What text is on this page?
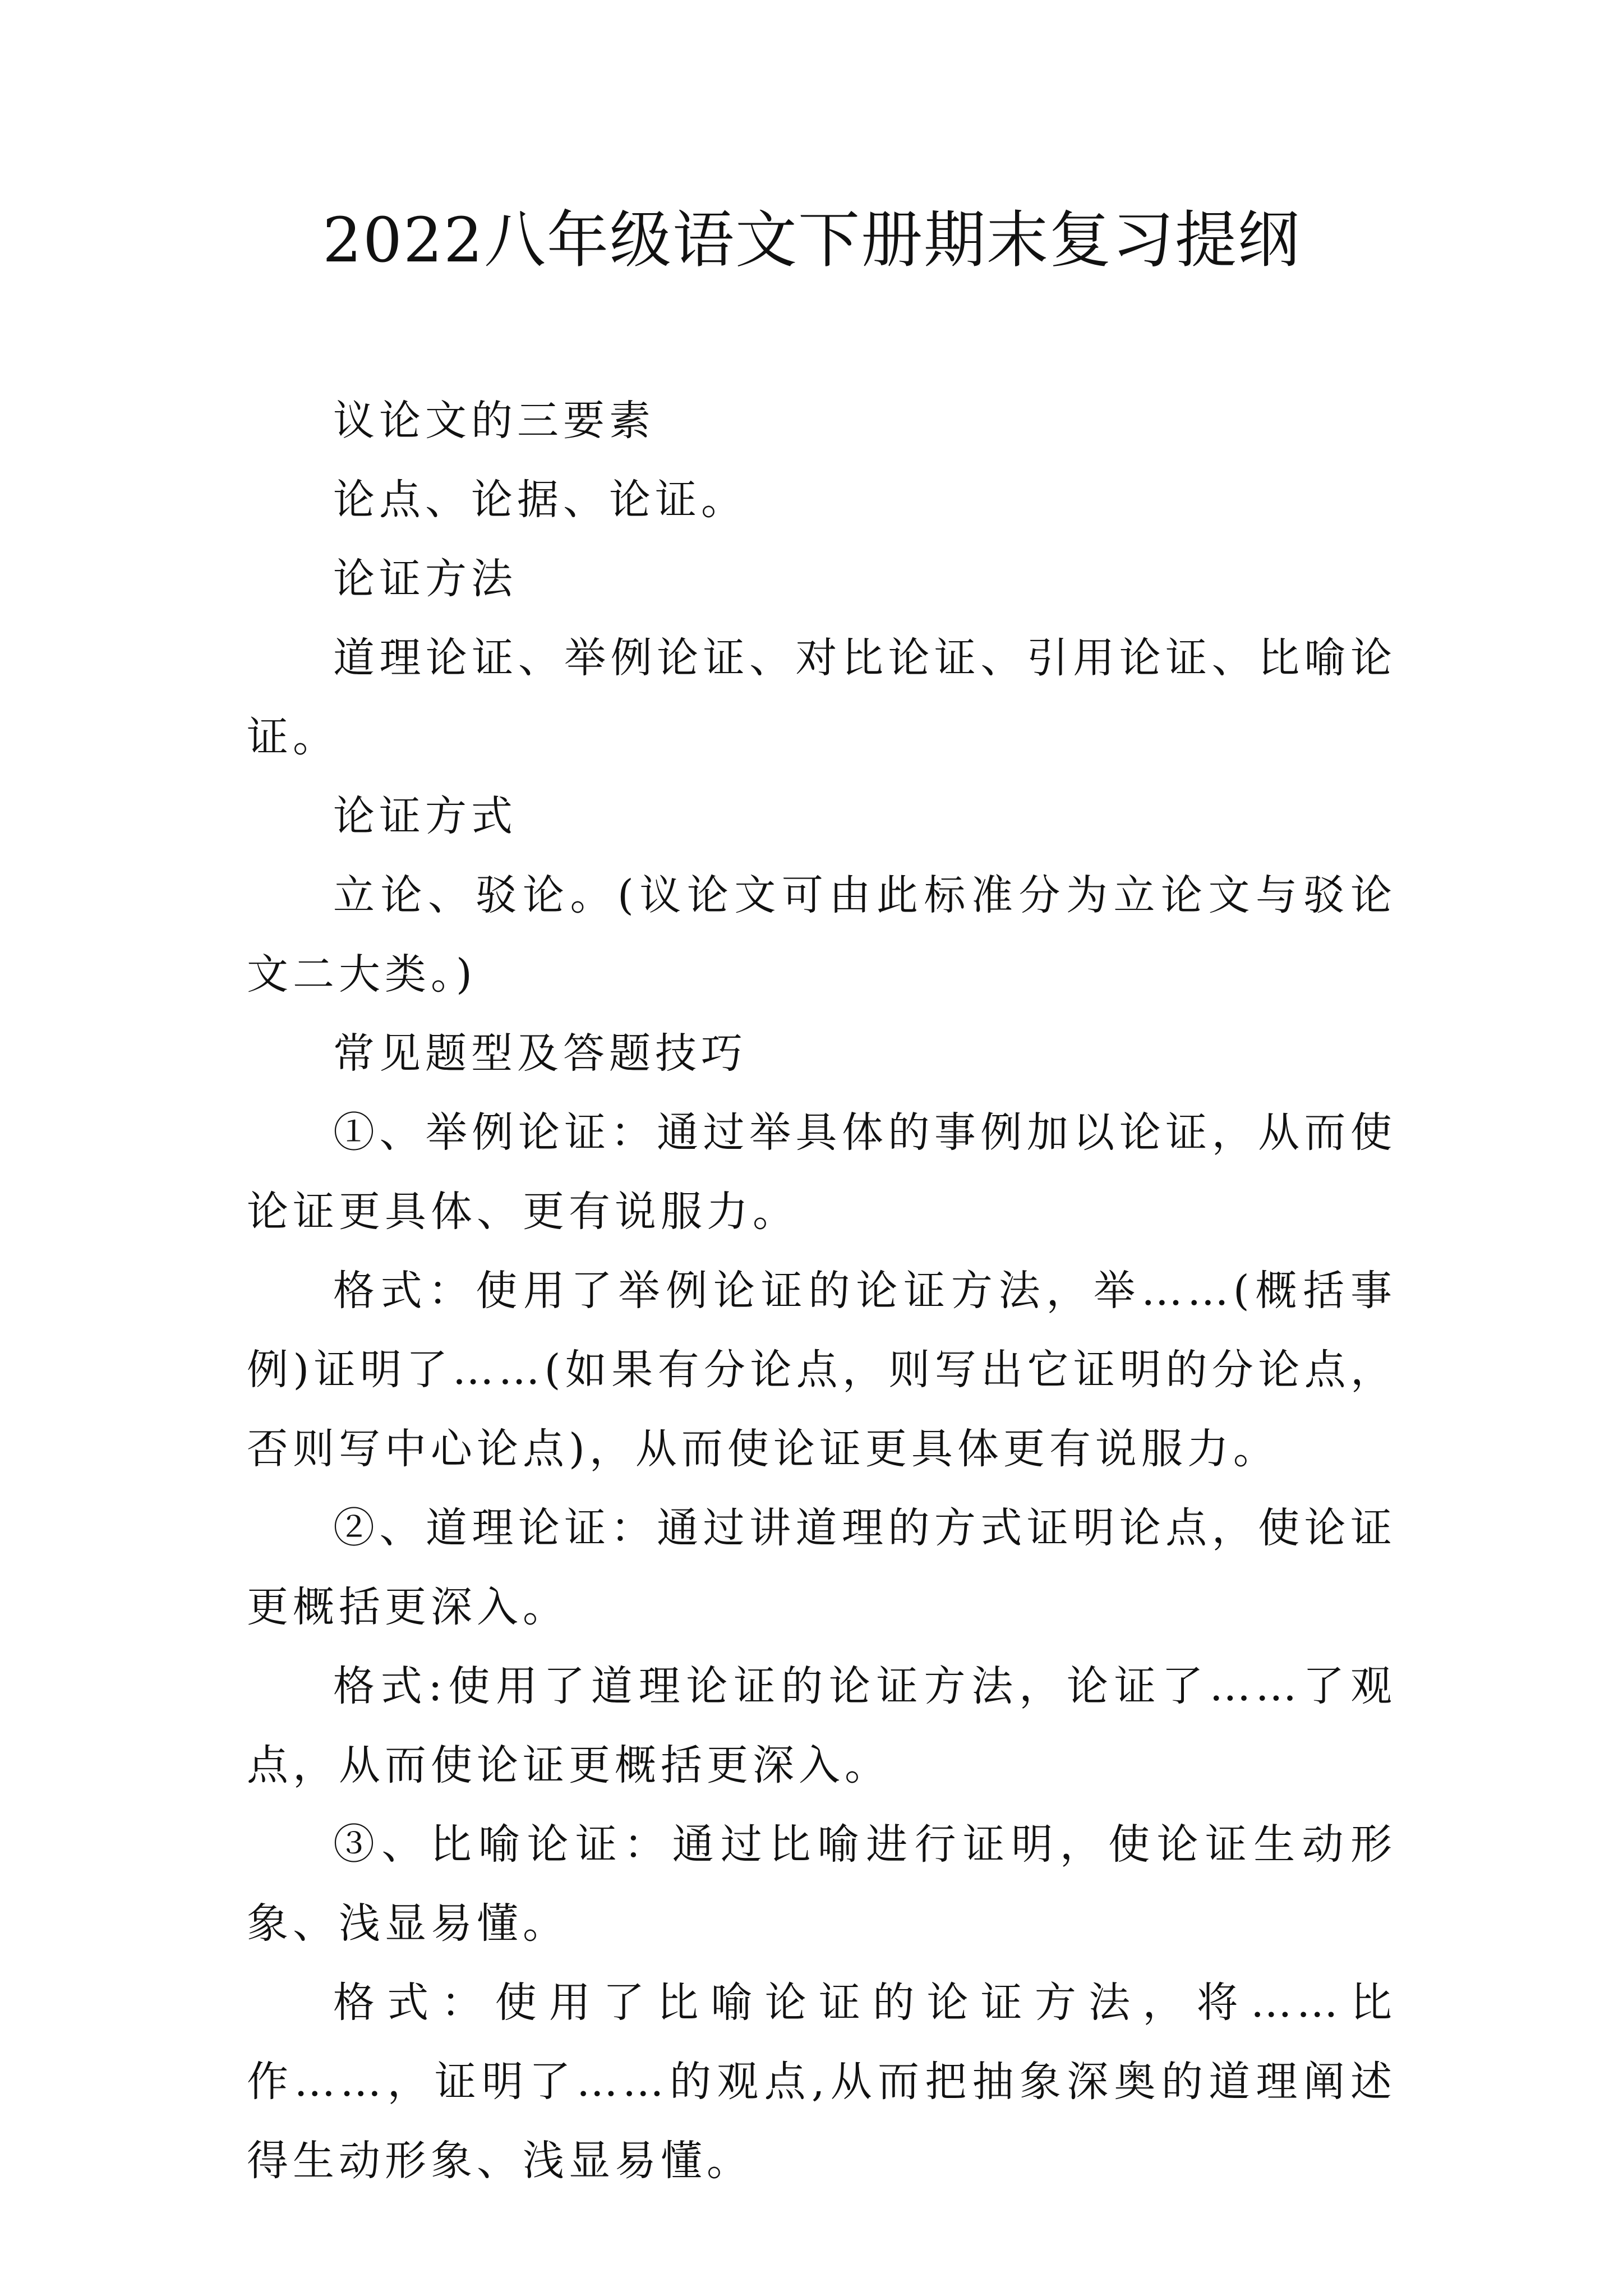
2022八年级语文下册期末复习提纲

议论文的三要素

论点、论据、论证。

论证方法

道理论证、举例论证、对比论证、引用论证、比喻论证。

论证方式

立论、驳论。(议论文可由此标准分为立论文与驳论文二大类。)

常见题型及答题技巧

①、举例论证：通过举具体的事例加以论证，从而使论证更具体、更有说服力。

格式：使用了举例论证的论证方法，举……(概括事例)证明了……(如果有分论点，则写出它证明的分论点，否则写中心论点)，从而使论证更具体更有说服力。

②、道理论证：通过讲道理的方式证明论点，使论证更概括更深入。

格式:使用了道理论证的论证方法，论证了……了观点，从而使论证更概括更深入。

③、比喻论证：通过比喻进行证明，使论证生动形象、浅显易懂。

格式：使用了比喻论证的论证方法，将……比作……，证明了……的观点,从而把抽象深奥的道理阐述得生动形象、浅显易懂。
